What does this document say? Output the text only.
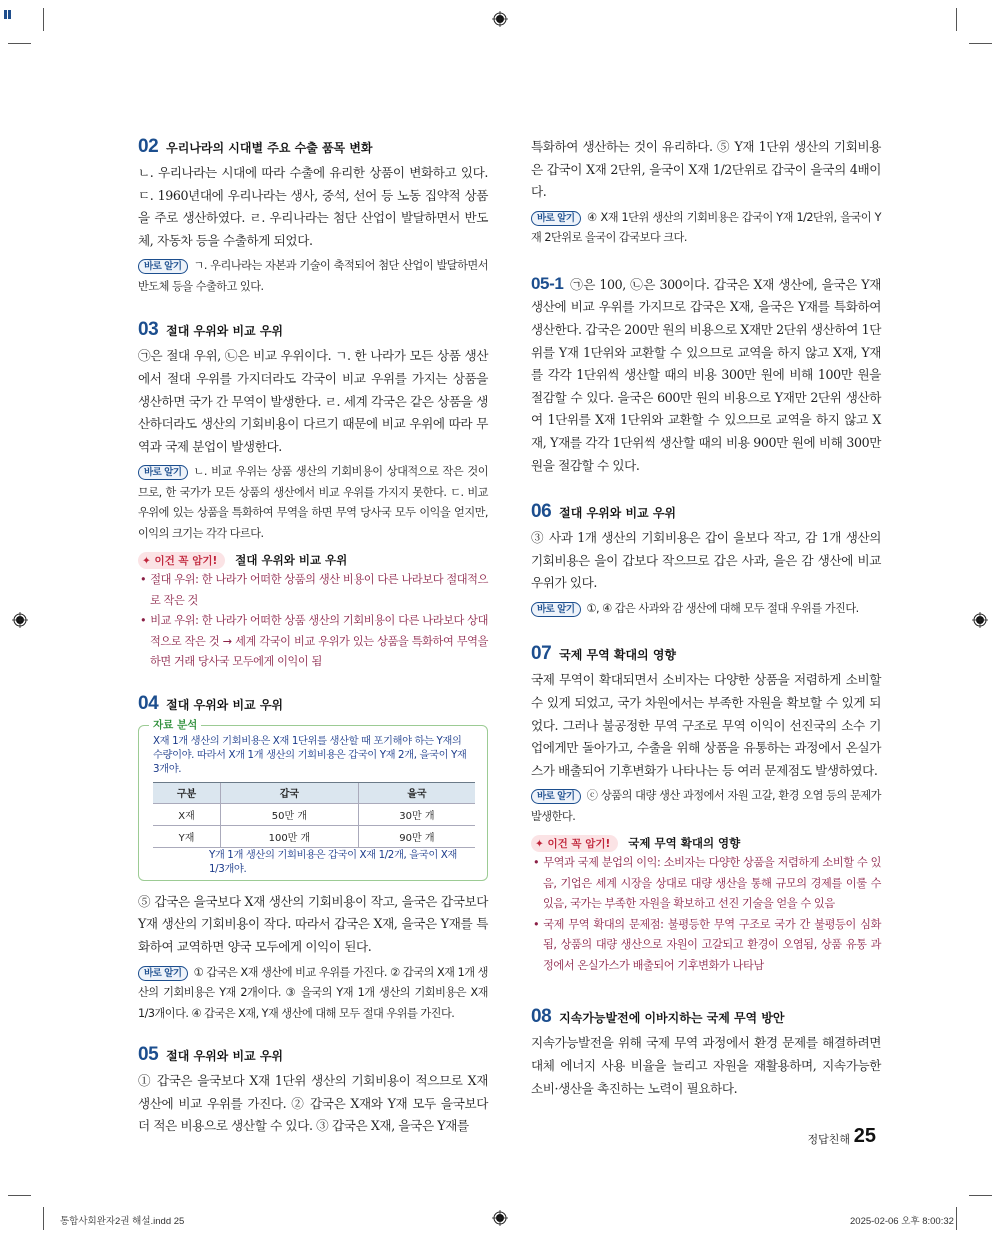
02 우리나라의 시대별 주요 수출 품목 변화
ㄴ. 우리나라는 시대에 따라 수출에 유리한 상품이 변화하고 있다. ㄷ. 1960년대에 우리나라는 생사, 중석, 선어 등 노동 집약적 상품을 주로 생산하였다. ㄹ. 우리나라는 첨단 산업이 발달하면서 반도체, 자동차 등을 수출하게 되었다.
바로 알기 ㄱ. 우리나라는 자본과 기술이 축적되어 첨단 산업이 발달하면서 반도체 등을 수출하고 있다.
03 절대 우위와 비교 우위
㉠은 절대 우위, ㉡은 비교 우위이다. ㄱ. 한 나라가 모든 상품 생산에서 절대 우위를 가지더라도 각국이 비교 우위를 가지는 상품을 생산하면 국가 간 무역이 발생한다. ㄹ. 세계 각국은 같은 상품을 생산하더라도 생산의 기회비용이 다르기 때문에 비교 우위에 따라 무역과 국제 분업이 발생한다.
바로 알기 ㄴ. 비교 우위는 상품 생산의 기회비용이 상대적으로 작은 것이므로, 한 국가가 모든 상품의 생산에서 비교 우위를 가지지 못한다. ㄷ. 비교 우위에 있는 상품을 특화하여 무역을 하면 무역 당사국 모두 이익을 얻지만, 이익의 크기는 각각 다르다.
✦ 이건 꼭 암기!	절대 우위와 비교 우위
• 절대 우위: 한 나라가 어떠한 상품의 생산 비용이 다른 나라보다 절대적으로 작은 것
• 비교 우위: 한 나라가 어떠한 상품 생산의 기회비용이 다른 나라보다 상대적으로 작은 것 → 세계 각국이 비교 우위가 있는 상품을 특화하여 무역을 하면 거래 당사국 모두에게 이익이 됨
04 절대 우위와 비교 우위
자료 분석
X재 1개 생산의 기회비용은 X재 1단위를 생산할 때 포기해야 하는 Y재의 수량이야. 따라서 X개 1개 생산의 기회비용은 갑국이 Y재 2개, 을국이 Y재 3개야.
구분	갑국	을국
X재	50만 개	30만 개
Y재	100만 개	90만 개
Y개 1개 생산의 기회비용은 갑국이 X재 1/2개, 을국이 X재 1/3개야.
⑤ 갑국은 을국보다 X재 생산의 기회비용이 작고, 을국은 갑국보다 Y재 생산의 기회비용이 작다. 따라서 갑국은 X재, 을국은 Y재를 특화하여 교역하면 양국 모두에게 이익이 된다.
바로 알기 ① 갑국은 X재 생산에 비교 우위를 가진다. ② 갑국의 X재 1개 생산의 기회비용은 Y재 2개이다. ③ 을국의 Y재 1개 생산의 기회비용은 X재 1/3개이다. ④ 갑국은 X재, Y재 생산에 대해 모두 절대 우위를 가진다.
05 절대 우위와 비교 우위
① 갑국은 을국보다 X재 1단위 생산의 기회비용이 적으므로 X재 생산에 비교 우위를 가진다. ② 갑국은 X재와 Y재 모두 을국보다 더 적은 비용으로 생산할 수 있다. ③ 갑국은 X재, 을국은 Y재를
특화하여 생산하는 것이 유리하다. ⑤ Y재 1단위 생산의 기회비용은 갑국이 X재 2단위, 을국이 X재 1/2단위로 갑국이 을국의 4배이다.
바로 알기 ④ X재 1단위 생산의 기회비용은 갑국이 Y재 1/2단위, 을국이 Y재 2단위로 을국이 갑국보다 크다.
05-1 ㉠은 100, ㉡은 300이다. 갑국은 X재 생산에, 을국은 Y재 생산에 비교 우위를 가지므로 갑국은 X재, 을국은 Y재를 특화하여 생산한다. 갑국은 200만 원의 비용으로 X재만 2단위 생산하여 1단위를 Y재 1단위와 교환할 수 있으므로 교역을 하지 않고 X재, Y재를 각각 1단위씩 생산할 때의 비용 300만 원에 비해 100만 원을 절감할 수 있다. 을국은 600만 원의 비용으로 Y재만 2단위 생산하여 1단위를 X재 1단위와 교환할 수 있으므로 교역을 하지 않고 X재, Y재를 각각 1단위씩 생산할 때의 비용 900만 원에 비해 300만 원을 절감할 수 있다.
06 절대 우위와 비교 우위
③ 사과 1개 생산의 기회비용은 갑이 을보다 작고, 감 1개 생산의 기회비용은 을이 갑보다 작으므로 갑은 사과, 을은 감 생산에 비교 우위가 있다.
바로 알기 ①, ④ 갑은 사과와 감 생산에 대해 모두 절대 우위를 가진다.
07 국제 무역 확대의 영향
국제 무역이 확대되면서 소비자는 다양한 상품을 저렴하게 소비할 수 있게 되었고, 국가 차원에서는 부족한 자원을 확보할 수 있게 되었다. 그러나 불공정한 무역 구조로 무역 이익이 선진국의 소수 기업에게만 돌아가고, 수출을 위해 상품을 유통하는 과정에서 온실가스가 배출되어 기후변화가 나타나는 등 여러 문제점도 발생하였다.
바로 알기 ⓒ 상품의 대량 생산 과정에서 자원 고갈, 환경 오염 등의 문제가 발생한다.
✦ 이건 꼭 암기!	국제 무역 확대의 영향
• 무역과 국제 분업의 이익: 소비자는 다양한 상품을 저렴하게 소비할 수 있음, 기업은 세계 시장을 상대로 대량 생산을 통해 규모의 경제를 이룰 수 있음, 국가는 부족한 자원을 확보하고 선진 기술을 얻을 수 있음
• 국제 무역 확대의 문제점: 불평등한 무역 구조로 국가 간 불평등이 심화됨, 상품의 대량 생산으로 자원이 고갈되고 환경이 오염됨, 상품 유통 과정에서 온실가스가 배출되어 기후변화가 나타남
08 지속가능발전에 이바지하는 국제 무역 방안
지속가능발전을 위해 국제 무역 과정에서 환경 문제를 해결하려면 대체 에너지 사용 비율을 늘리고 자원을 재활용하며, 지속가능한 소비·생산을 촉진하는 노력이 필요하다.
정답친해 25
통합사회완자2권 해설.indd 25	2025-02-06 오후 8:00:32
